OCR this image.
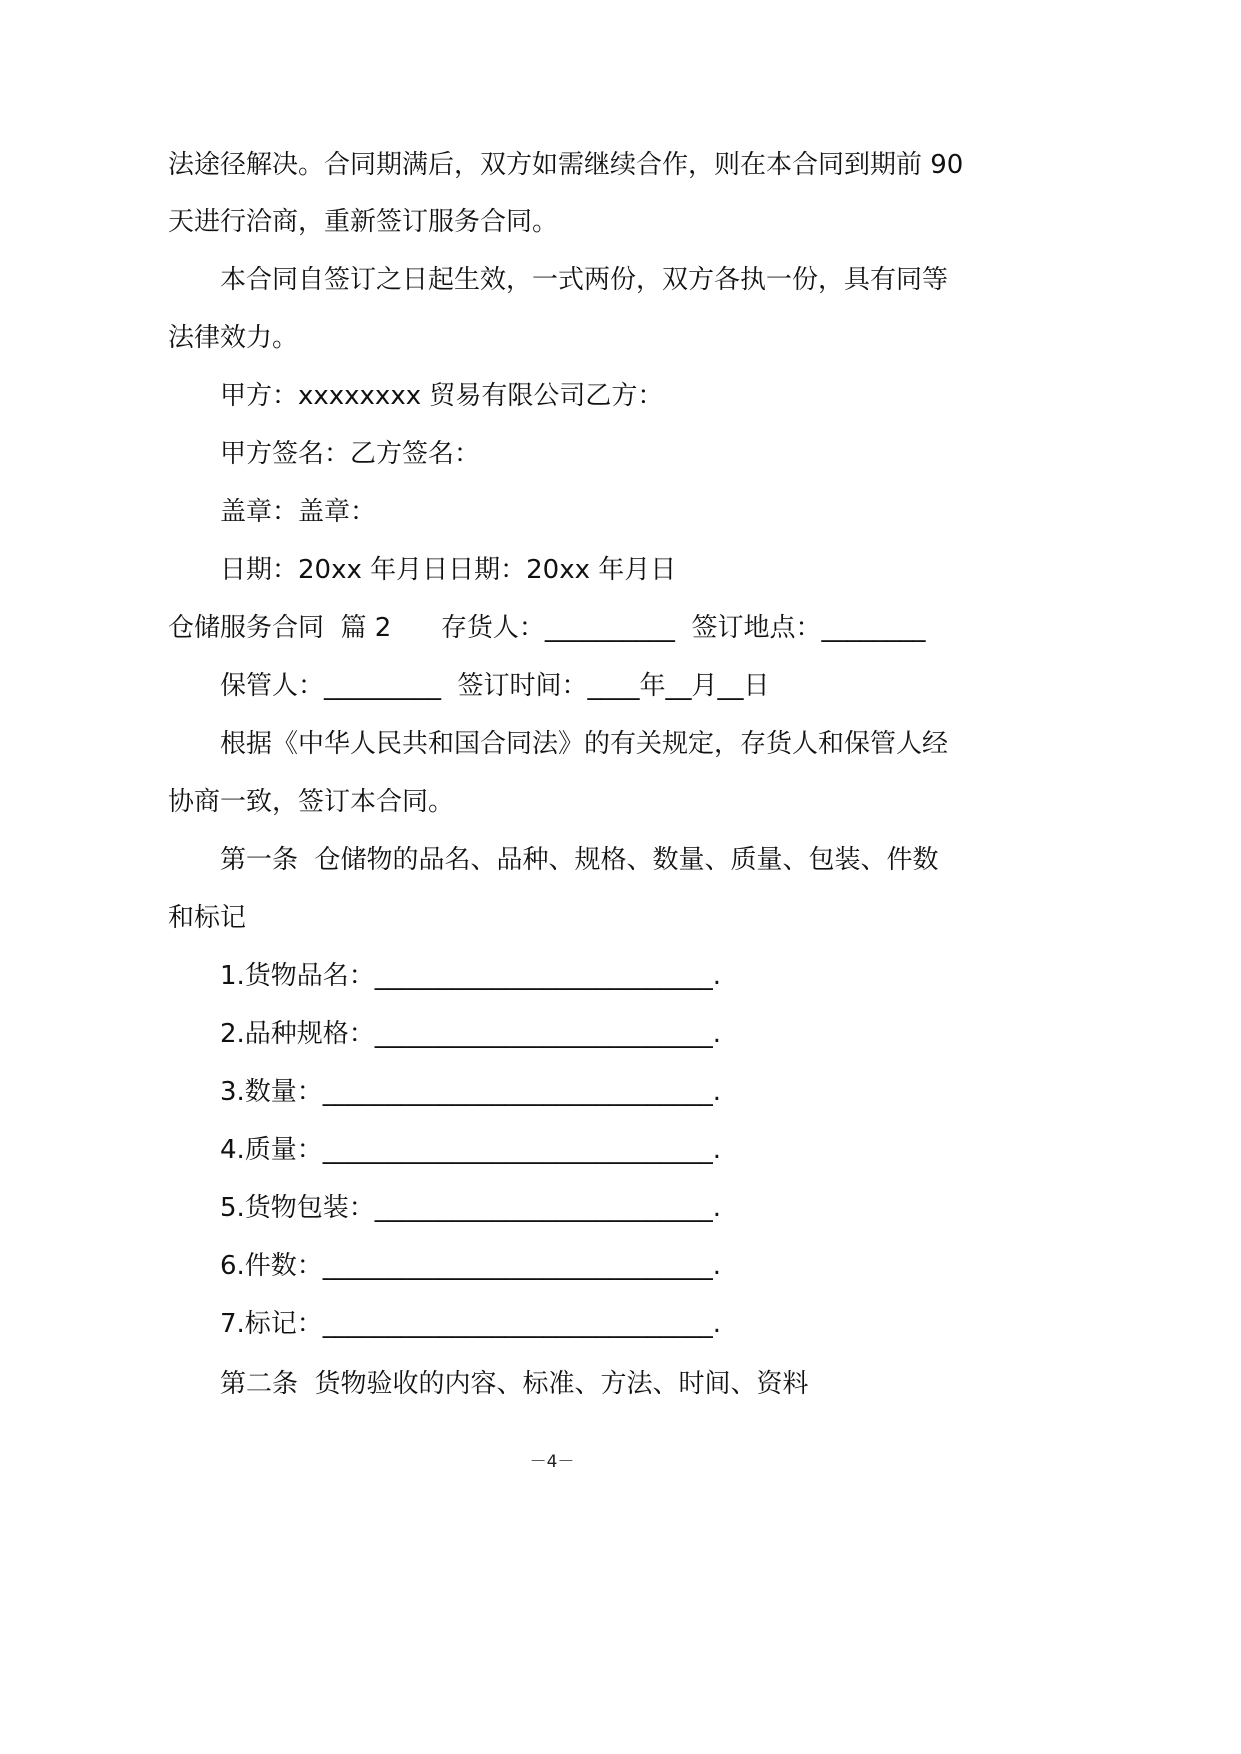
法途径解决。合同期满后，双方如需继续合作，则在本合同到期前 90
天进行洽商，重新签订服务合同。
本合同自签订之日起生效，一式两份，双方各执一份，具有同等
法律效力。
甲方：xxxxxxxx 贸易有限公司乙方：
甲方签名：乙方签名：
盖章：盖章：
日期：20xx 年月日日期：20xx 年月日
仓储服务合同  篇 2      存货人：__________  签订地点：________
保管人：_________  签订时间：____年__月__日
根据《中华人民共和国合同法》的有关规定，存货人和保管人经
协商一致，签订本合同。
第一条  仓储物的品名、品种、规格、数量、质量、包装、件数
和标记
1.货物品名：__________________________.
2.品种规格：__________________________.
3.数量：______________________________.
4.质量：______________________________.
5.货物包装：__________________________.
6.件数：______________________________.
7.标记：______________________________.
第二条  货物验收的内容、标准、方法、时间、资料
－4－
